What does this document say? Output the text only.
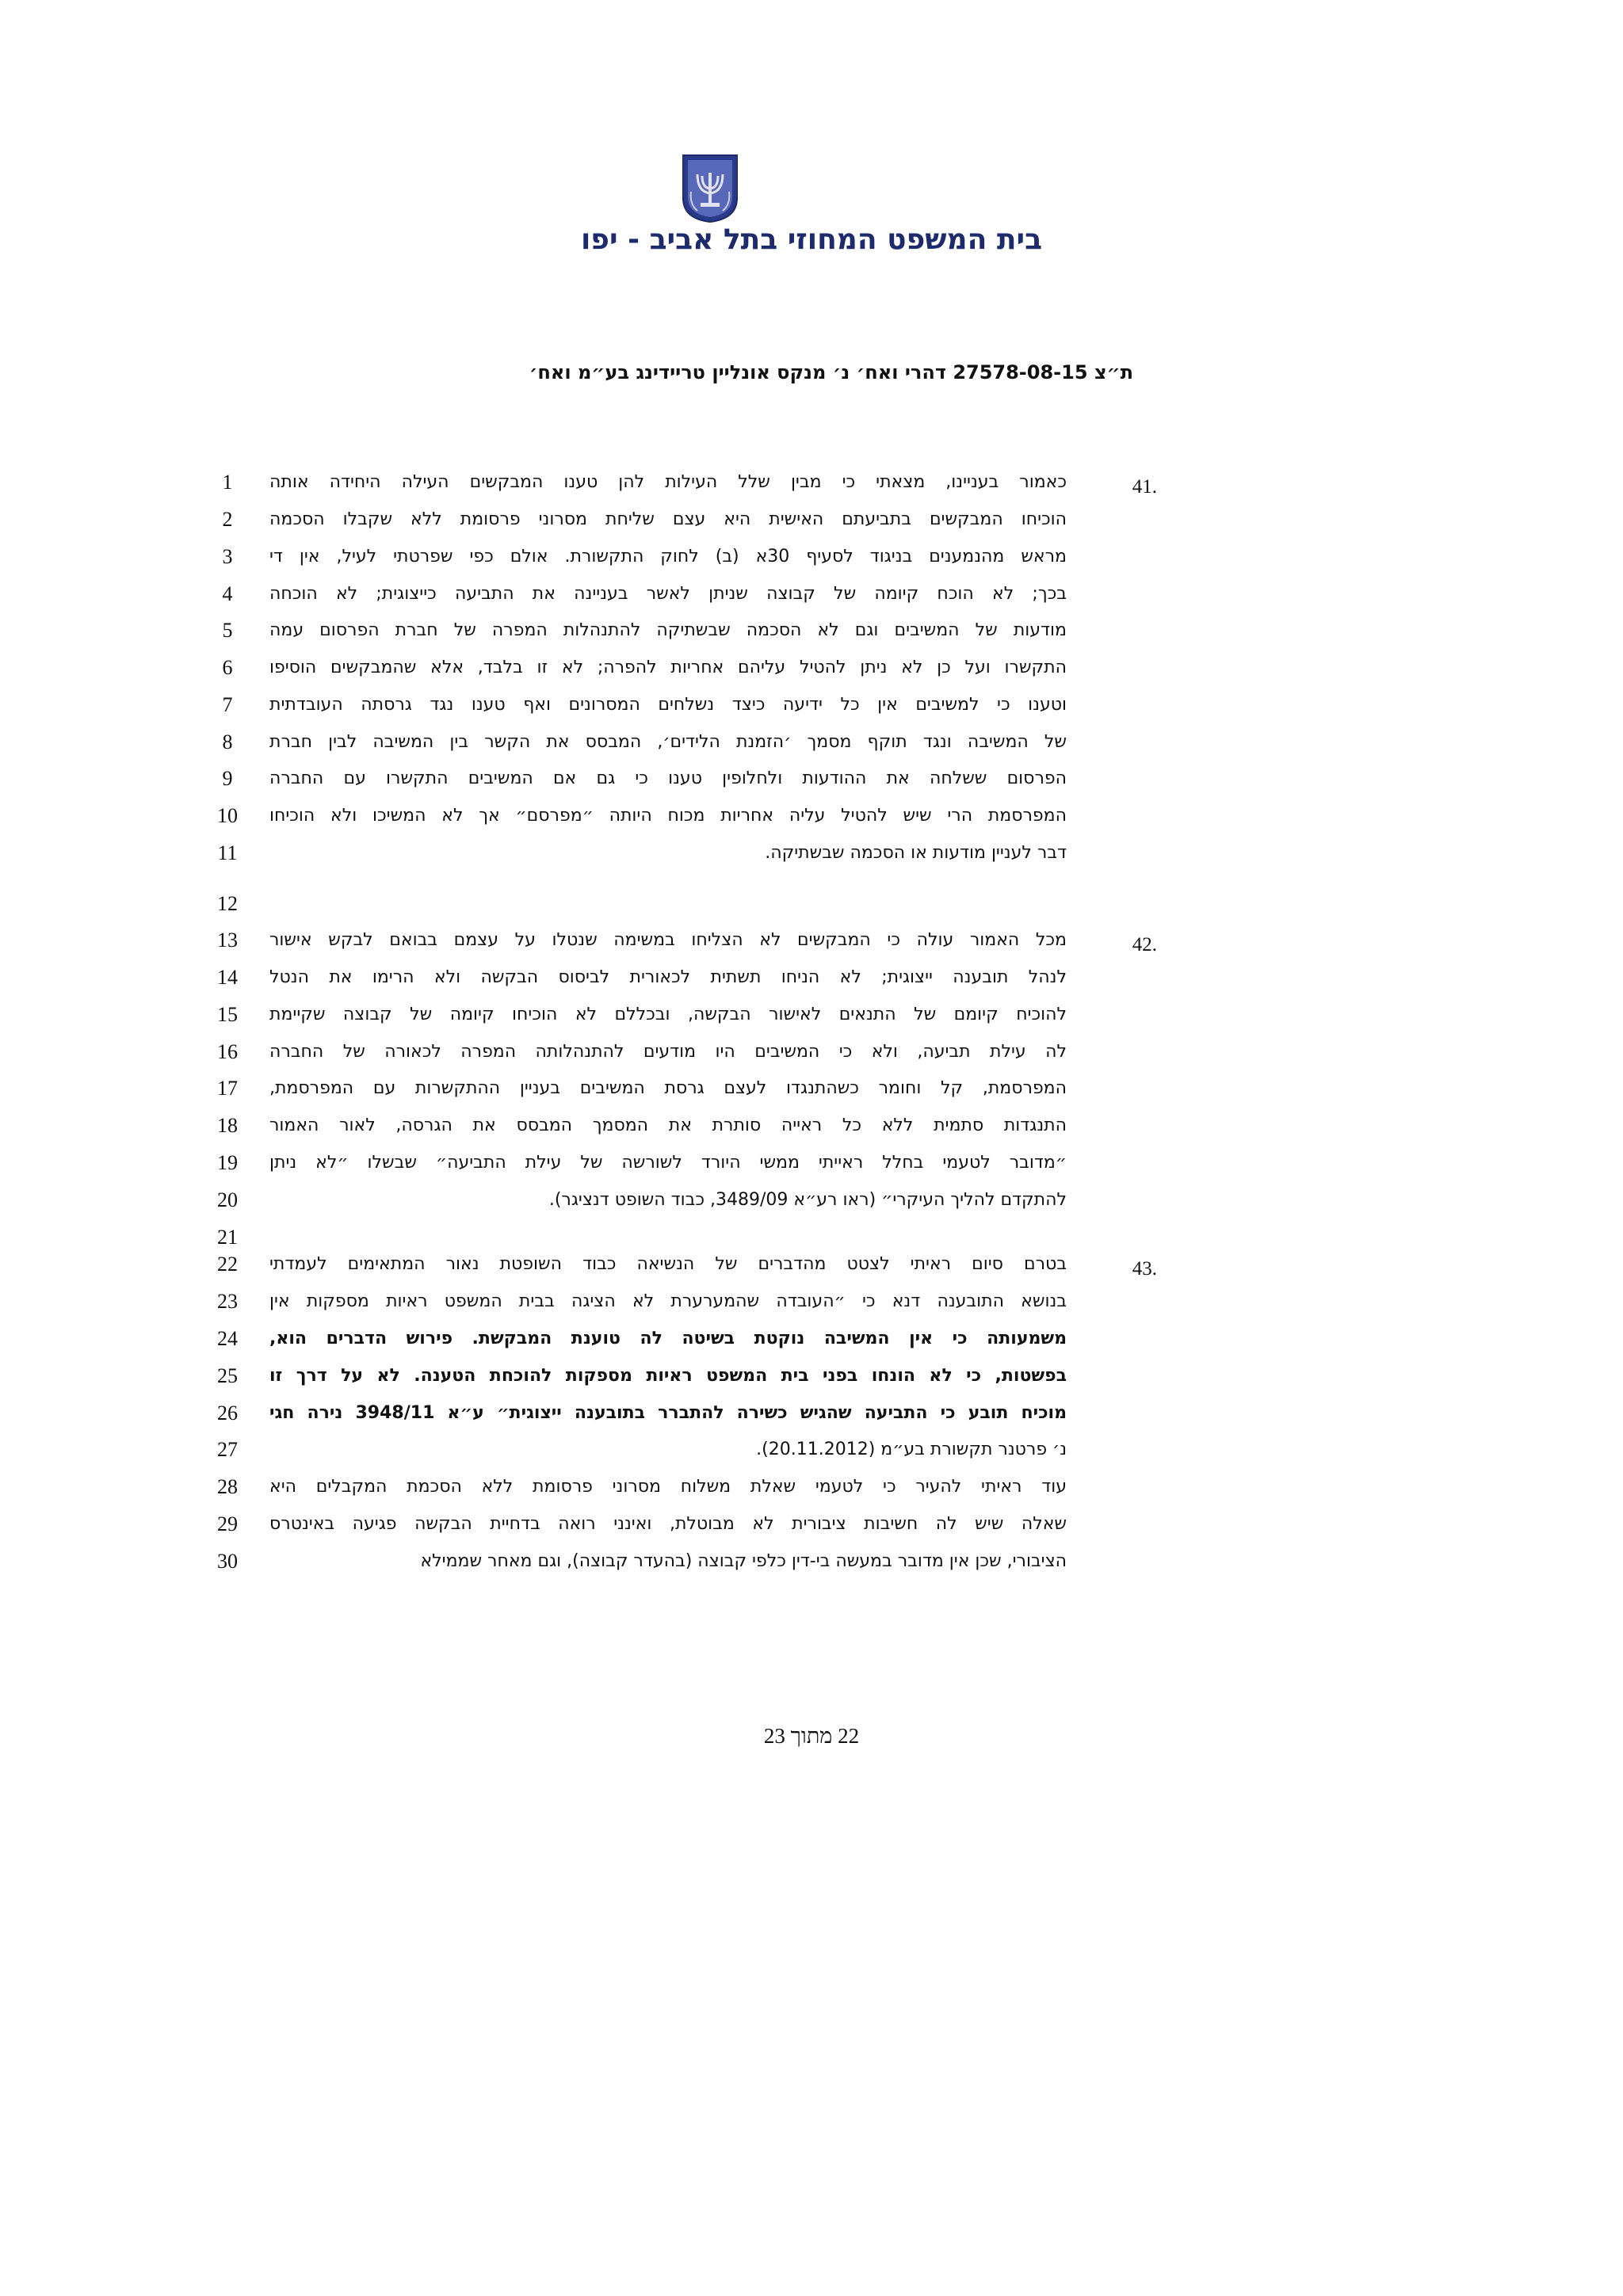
בית המשפט המחוזי בתל אביב - יפו
ת״צ 27578-08-15 דהרי ואח׳ נ׳ מנקס אונליין טריידינג בע״מ ואח׳
41.
42.
43.
1	כאמור בעניינו, מצאתי כי מבין שלל העילות להן טענו המבקשים העילה היחידה אותה
2	הוכיחו המבקשים בתביעתם האישית היא עצם שליחת מסרוני פרסומת ללא שקבלו הסכמה
3	מראש מהנמענים בניגוד לסעיף 30א (ב) לחוק התקשורת. אולם כפי שפרטתי לעיל, אין די
4	בכך; לא הוכח קיומה של קבוצה שניתן לאשר בעניינה את התביעה כייצוגית; לא הוכחה
5	מודעות של המשיבים וגם לא הסכמה שבשתיקה להתנהלות המפרה של חברת הפרסום עמה
6	התקשרו ועל כן לא ניתן להטיל עליהם אחריות להפרה; לא זו בלבד, אלא שהמבקשים הוסיפו
7	וטענו כי למשיבים אין כל ידיעה כיצד נשלחים המסרונים ואף טענו נגד גרסתה העובדתית
8	של המשיבה ונגד תוקף מסמך ׳הזמנת הלידים׳, המבסס את הקשר בין המשיבה לבין חברת
9	הפרסום ששלחה את ההודעות ולחלופין טענו כי גם אם המשיבים התקשרו עם החברה
10	המפרסמת הרי שיש להטיל עליה אחריות מכוח היותה ״מפרסם״ אך לא המשיכו ולא הוכיחו
11	דבר לעניין מודעות או הסכמה שבשתיקה.
12
13	מכל האמור עולה כי המבקשים לא הצליחו במשימה שנטלו על עצמם בבואם לבקש אישור
14	לנהל תובענה ייצוגית; לא הניחו תשתית לכאורית לביסוס הבקשה ולא הרימו את הנטל
15	להוכיח קיומם של התנאים לאישור הבקשה, ובכללם לא הוכיחו קיומה של קבוצה שקיימת
16	לה עילת תביעה, ולא כי המשיבים היו מודעים להתנהלותה המפרה לכאורה של החברה
17	המפרסמת, קל וחומר כשהתנגדו לעצם גרסת המשיבים בעניין ההתקשרות עם המפרסמת,
18	התנגדות סתמית ללא כל ראייה סותרת את המסמך המבסס את הגרסה, לאור האמור
19	״מדובר לטעמי בחלל ראייתי ממשי היורד לשורשה של עילת התביעה״ שבשלו ״לא ניתן
20	להתקדם להליך העיקרי״ (ראו רע״א 3489/09, כבוד השופט דנציגר).
21
22	בטרם סיום ראיתי לצטט מהדברים של הנשיאה כבוד השופטת נאור המתאימים לעמדתי
23	בנושא התובענה דנא כי ״העובדה שהמערערת לא הציגה בבית המשפט ראיות מספקות אין
24	משמעותה כי אין המשיבה נוקטת בשיטה לה טוענת המבקשת. פירוש הדברים הוא,
25	בפשטות, כי לא הונחו בפני בית המשפט ראיות מספקות להוכחת הטענה. לא על דרך זו
26	מוכיח תובע כי התביעה שהגיש כשירה להתברר בתובענה ייצוגית״ ע״א 3948/11 נירה חגי
27	נ׳ פרטנר תקשורת בע״מ (20.11.2012).
28	עוד ראיתי להעיר כי לטעמי שאלת משלוח מסרוני פרסומת ללא הסכמת המקבלים היא
29	שאלה שיש לה חשיבות ציבורית לא מבוטלת, ואינני רואה בדחיית הבקשה פגיעה באינטרס
30	הציבורי, שכן אין מדובר במעשה בי-דין כלפי קבוצה (בהעדר קבוצה), וגם מאחר שממילא
22 מתוך 23
